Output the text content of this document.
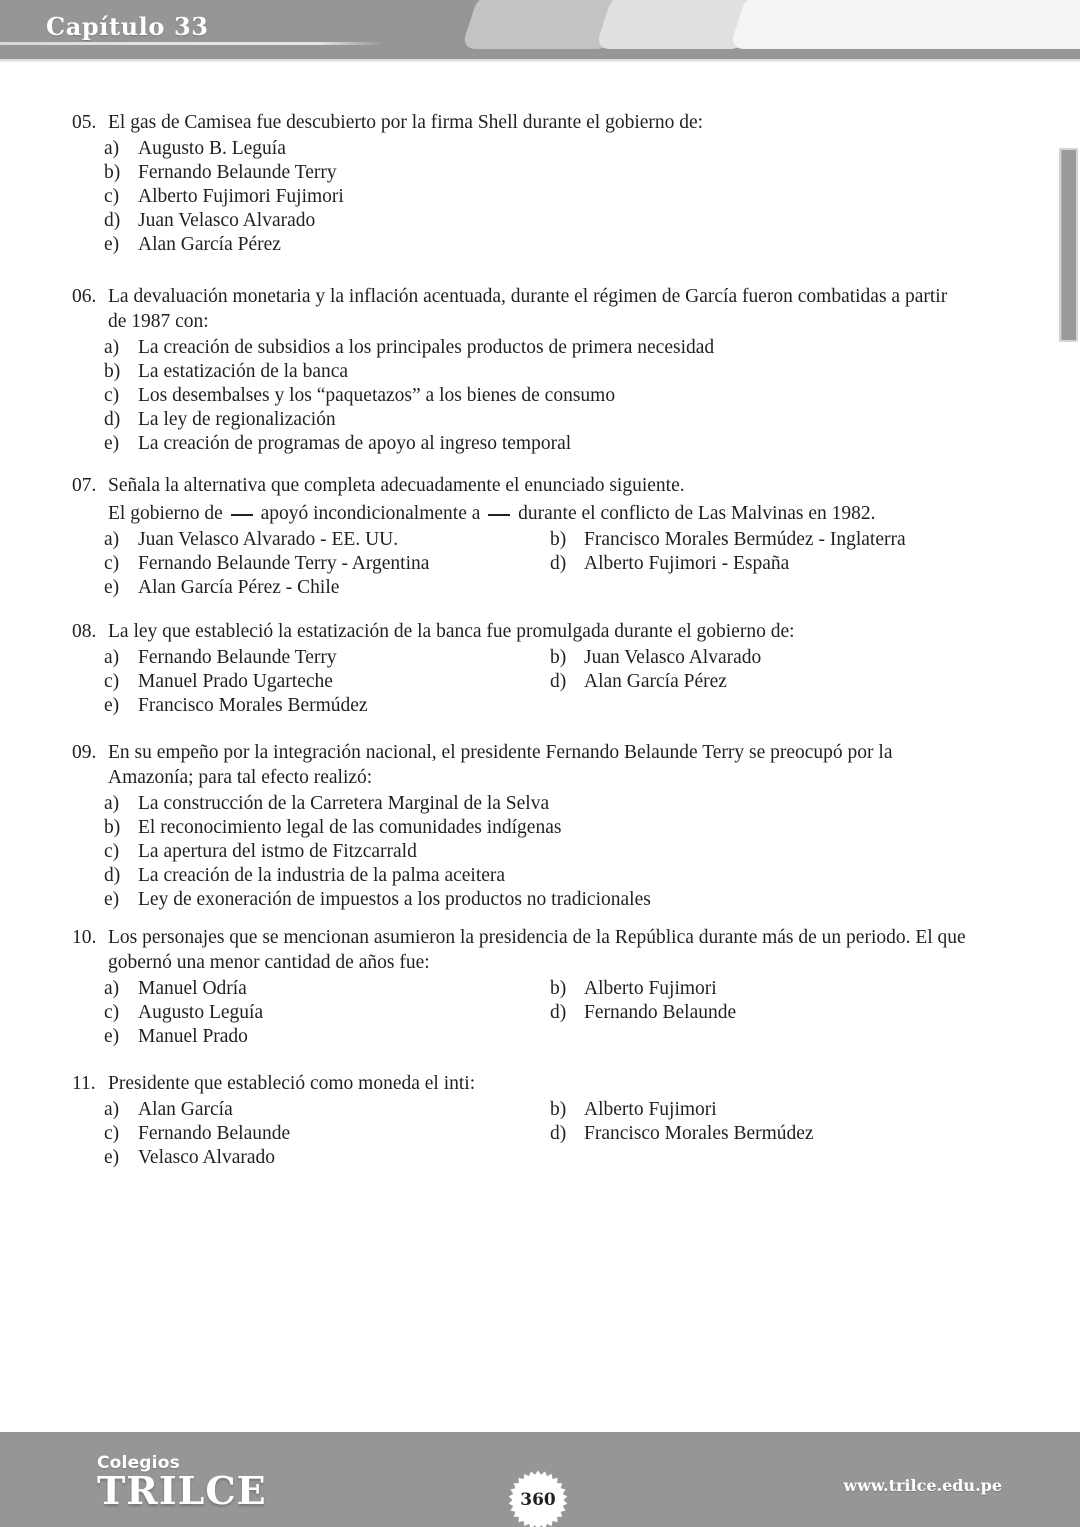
Capítulo 33
05. El gas de Camisea fue descubierto por la firma Shell durante el gobierno de:
a) Augusto B. Leguía
b) Fernando Belaunde Terry
c) Alberto Fujimori Fujimori
d) Juan Velasco Alvarado
e) Alan García Pérez
06. La devaluación monetaria y la inflación acentuada, durante el régimen de García fueron combatidas a partir de 1987 con:
a) La creación de subsidios a los principales productos de primera necesidad
b) La estatización de la banca
c) Los desembalses y los “paquetazos” a los bienes de consumo
d) La ley de regionalización
e) La creación de programas de apoyo al ingreso temporal
07. Señala la alternativa que completa adecuadamente el enunciado siguiente.
El gobierno de  apoyó incondicionalmente a  durante el conflicto de Las Malvinas en 1982.
a) Juan Velasco Alvarado - EE. UU.	b) Francisco Morales Bermúdez - Inglaterra
c) Fernando Belaunde Terry - Argentina	d) Alberto Fujimori - España
e) Alan García Pérez - Chile
08. La ley que estableció la estatización de la banca fue promulgada durante el gobierno de:
a) Fernando Belaunde Terry	b) Juan Velasco Alvarado
c) Manuel Prado Ugarteche	d) Alan García Pérez
e) Francisco Morales Bermúdez
09. En su empeño por la integración nacional, el presidente Fernando Belaunde Terry se preocupó por la Amazonía; para tal efecto realizó:
a) La construcción de la Carretera Marginal de la Selva
b) El reconocimiento legal de las comunidades indígenas
c) La apertura del istmo de Fitzcarrald
d) La creación de la industria de la palma aceitera
e) Ley de exoneración de impuestos a los productos no tradicionales
10. Los personajes que se mencionan asumieron la presidencia de la República durante más de un periodo. El que gobernó una menor cantidad de años fue:
a) Manuel Odría	b) Alberto Fujimori
c) Augusto Leguía	d) Fernando Belaunde
e) Manuel Prado
11. Presidente que estableció como moneda el inti:
a) Alan García	b) Alberto Fujimori
c) Fernando Belaunde	d) Francisco Morales Bermúdez
e) Velasco Alvarado
Colegios
TRILCE	www.trilce.edu.pe
360
